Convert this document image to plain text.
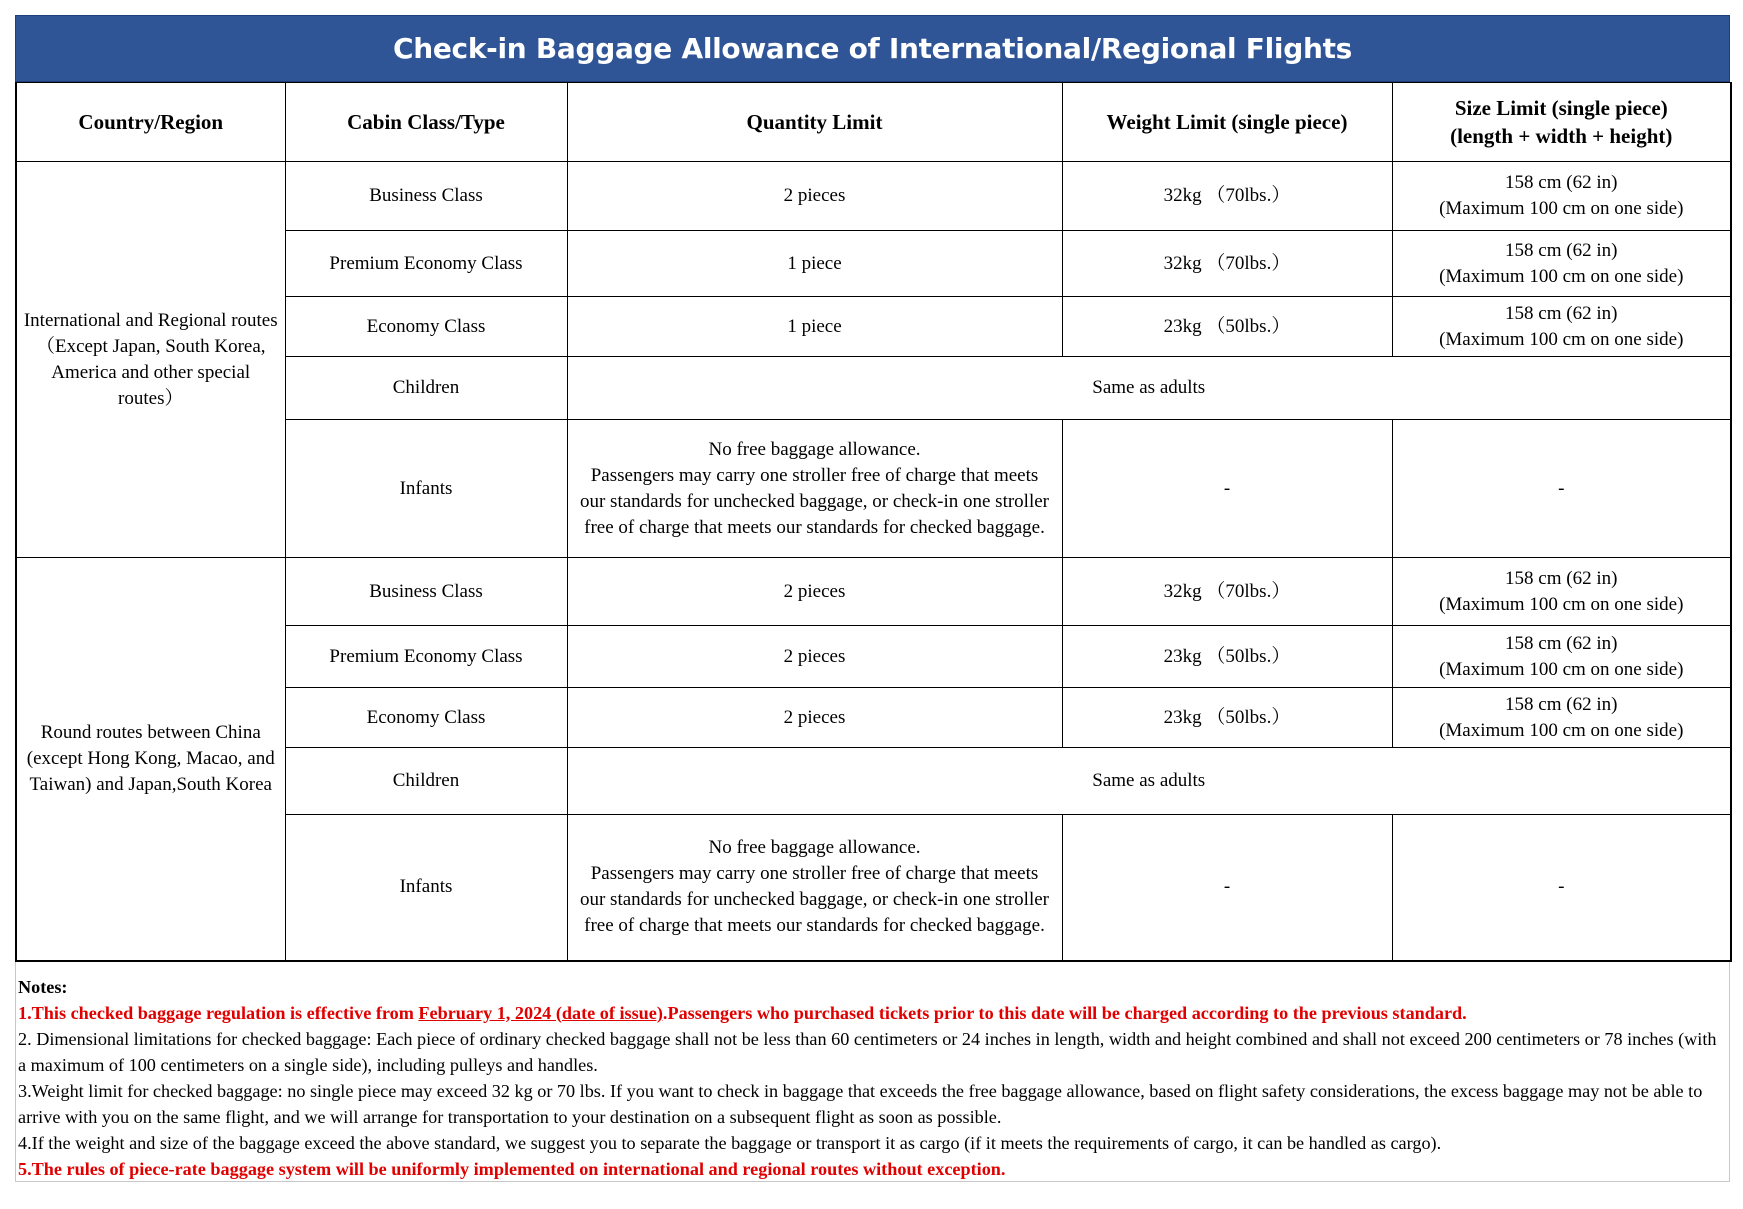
Check-in Baggage Allowance of International/Regional Flights
Country/Region	Cabin Class/Type	Quantity Limit	Weight Limit (single piece)	Size Limit (single piece)
(length + width + height)

International and Regional routes
（Except Japan, South Korea,
America and other special
routes）	Business Class	2 pieces	32kg （70lbs.）	158 cm (62 in)
(Maximum 100 cm on one side)

	Premium Economy Class	1 piece	32kg （70lbs.）	158 cm (62 in)
(Maximum 100 cm on one side)

	Economy Class	1 piece	23kg （50lbs.）	158 cm (62 in)
(Maximum 100 cm on one side)

	Children	Same as adults		
	Infants	No free baggage allowance.
Passengers may carry one stroller free of charge that meets
our standards for unchecked baggage, or check-in one stroller
free of charge that meets our standards for checked baggage.	-	-

Round routes between China
(except Hong Kong, Macao, and
Taiwan) and Japan,South Korea	Business Class	2 pieces	32kg （70lbs.）	158 cm (62 in)
(Maximum 100 cm on one side)

	Premium Economy Class	2 pieces	23kg （50lbs.）	158 cm (62 in)
(Maximum 100 cm on one side)

	Economy Class	2 pieces	23kg （50lbs.）	158 cm (62 in)
(Maximum 100 cm on one side)

	Children	Same as adults		
	Infants	No free baggage allowance.
Passengers may carry one stroller free of charge that meets
our standards for unchecked baggage, or check-in one stroller
free of charge that meets our standards for checked baggage.	-	-

Notes:

1.This checked baggage regulation is effective from February 1, 2024 (date of issue).Passengers who purchased tickets prior to this date will be charged according to the previous standard.

2. Dimensional limitations for checked baggage: Each piece of ordinary checked baggage shall not be less than 60 centimeters or 24 inches in length, width and height combined and shall not exceed 200 centimeters or 78 inches (with a maximum of 100 centimeters on a single side), including pulleys and handles.

3.Weight limit for checked baggage: no single piece may exceed 32 kg or 70 lbs. If you want to check in baggage that exceeds the free baggage allowance, based on flight safety considerations, the excess baggage may not be able to arrive with you on the same flight, and we will arrange for transportation to your destination on a subsequent flight as soon as possible.

4.If the weight and size of the baggage exceed the above standard, we suggest you to separate the baggage or transport it as cargo (if it meets the requirements of cargo, it can be handled as cargo).

5.The rules of piece-rate baggage system will be uniformly implemented on international and regional routes without exception.
